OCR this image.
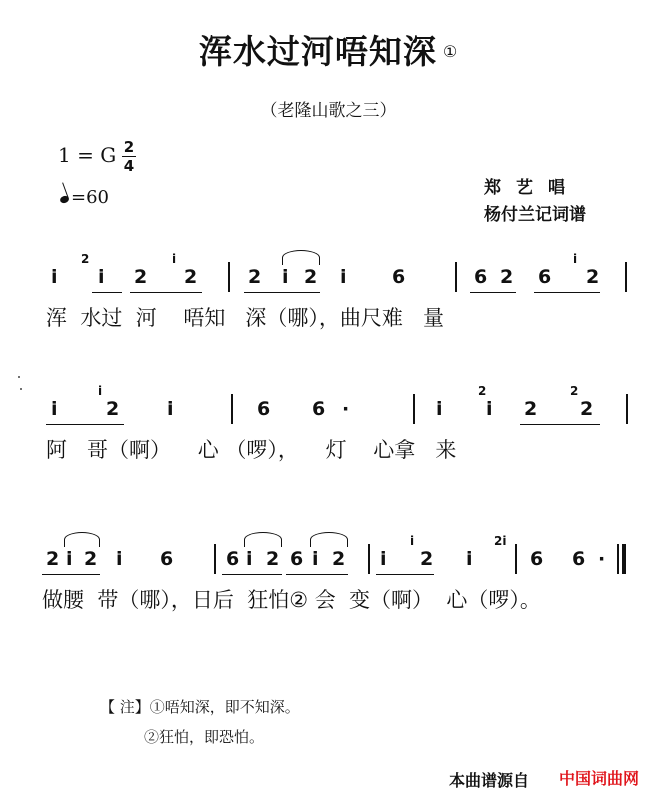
浑水过河唔知深 ①
（老隆山歌之三）
1 = G 2
4
=60	郑艺唱
杨付兰记词谱
i
2
i 2
i
2	2 i 2 i 6	6 2 6
i
2
浑  水过  河    唔知   深（哪），曲尺难   量
i
i
2	i	6 6 ·	i
2
i 2
2
2
阿   哥（啊）    心 （啰），    灯    心拿   来
2 i 2 i 6	6 i 2 6 i 2 i
i
2 i
2i
6 6 ·
做腰  带（哪），日后  狂怕② 会  变（啊）  心（啰）。
【 注】①唔知深，即不知深。
②狂怕，即恐怕。
本曲谱源自 中国词曲网
